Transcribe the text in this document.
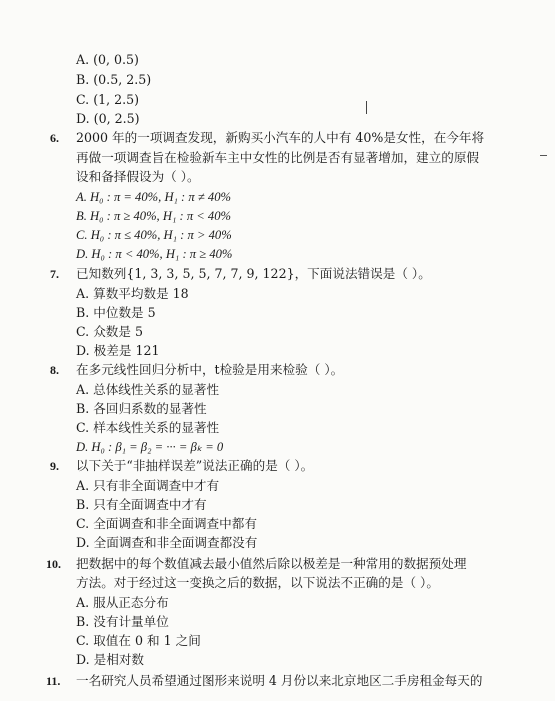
A. (0, 0.5)
B. (0.5, 2.5)
C. (1, 2.5)
D. (0, 2.5)
6. 2000 年的一项调查发现，新购买小汽车的人中有 40%是女性，在今年将
再做一项调查旨在检验新车主中女性的比例是否有显著增加，建立的原假
设和备择假设为（ ）。
A. H₀ : π = 40%, H₁ : π ≠ 40%
B. H₀ : π ≥ 40%, H₁ : π < 40%
C. H₀ : π ≤ 40%, H₁ : π > 40%
D. H₀ : π < 40%, H₁ : π ≥ 40%
7. 已知数列{1, 3, 3, 5, 5, 7, 7, 9, 122}，下面说法错误是（ ）。
A. 算数平均数是 18
B. 中位数是 5
C. 众数是 5
D. 极差是 121
8. 在多元线性回归分析中，t检验是用来检验（ ）。
A. 总体线性关系的显著性
B. 各回归系数的显著性
C. 样本线性关系的显著性
D. H₀ : β₁ = β₂ = ··· = βₖ = 0
9. 以下关于“非抽样误差”说法正确的是（ ）。
A. 只有非全面调查中才有
B. 只有全面调查中才有
C. 全面调查和非全面调查中都有
D. 全面调查和非全面调查都没有
10. 把数据中的每个数值减去最小值然后除以极差是一种常用的数据预处理
方法。对于经过这一变换之后的数据，以下说法不正确的是（ ）。
A. 服从正态分布
B. 没有计量单位
C. 取值在 0 和 1 之间
D. 是相对数
11. 一名研究人员希望通过图形来说明 4 月份以来北京地区二手房租金每天的
